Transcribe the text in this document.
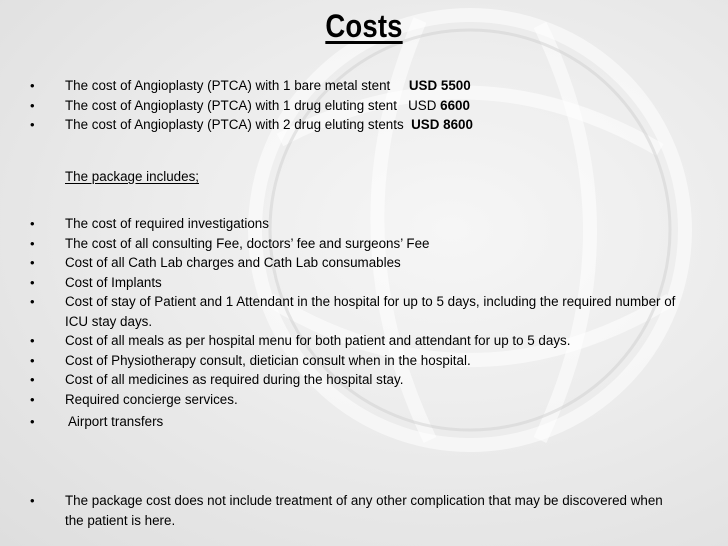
Costs
•	The cost of Angioplasty (PTCA) with 1 bare metal stent USD 5500
•	The cost of Angioplasty (PTCA) with 1 drug eluting stent USD 6600
•	The cost of Angioplasty (PTCA) with 2 drug eluting stents USD 8600
The package includes;
•	The cost of required investigations
•	The cost of all consulting Fee, doctors’ fee and surgeons’ Fee
•	Cost of all Cath Lab charges and Cath Lab consumables
•	Cost of Implants
•	Cost of stay of Patient and 1 Attendant in the hospital for up to 5 days, including the required number of ICU stay days.
•	Cost of all meals as per hospital menu for both patient and attendant for up to 5 days.
•	Cost of Physiotherapy consult, dietician consult when in the hospital.
•	Cost of all medicines as required during the hospital stay.
•	Required concierge services.
•	Airport transfers
•	The package cost does not include treatment of any other complication that may be discovered when the patient is here.
